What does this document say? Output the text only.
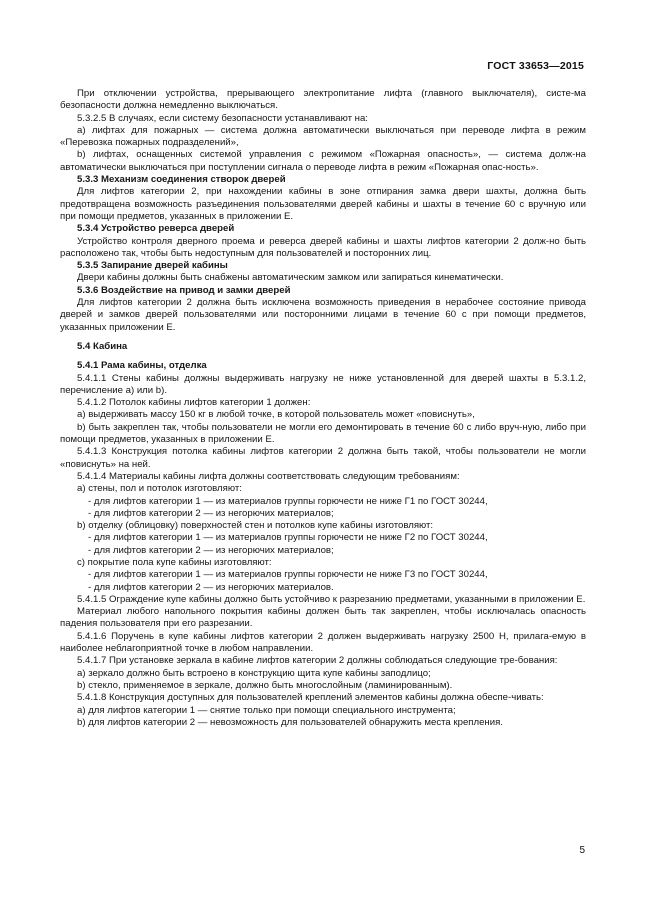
ГОСТ 33653—2015

При отключении устройства, прерывающего электропитание лифта (главного выключателя), систе-ма безопасности должна немедленно выключаться.

5.3.2.5 В случаях, если систему безопасности устанавливают на:

a) лифтах для пожарных — система должна автоматически выключаться при переводе лифта в режим «Перевозка пожарных подразделений»,

b) лифтах, оснащенных системой управления с режимом «Пожарная опасность», — система долж-на автоматически выключаться при поступлении сигнала о переводе лифта в режим «Пожарная опас-ность».

5.3.3 Механизм соединения створок дверей

Для лифтов категории 2, при нахождении кабины в зоне отпирания замка двери шахты, должна быть предотвращена возможность разъединения пользователями дверей кабины и шахты в течение 60 с вручную или при помощи предметов, указанных в приложении Е.

5.3.4 Устройство реверса дверей

Устройство контроля дверного проема и реверса дверей кабины и шахты лифтов категории 2 долж-но быть расположено так, чтобы быть недоступным для пользователей и посторонних лиц.

5.3.5 Запирание дверей кабины

Двери кабины должны быть снабжены автоматическим замком или запираться кинематически.

5.3.6 Воздействие на привод и замки дверей

Для лифтов категории 2 должна быть исключена возможность приведения в нерабочее состояние привода дверей и замков дверей пользователями или посторонними лицами в течение 60 с при помощи предметов, указанных приложении Е.

5.4 Кабина

5.4.1 Рама кабины, отделка

5.4.1.1 Стены кабины должны выдерживать нагрузку не ниже установленной для дверей шахты в 5.3.1.2, перечисление a) или b).

5.4.1.2 Потолок кабины лифтов категории 1 должен:

a) выдерживать массу 150 кг в любой точке, в которой пользователь может «повиснуть»,

b) быть закреплен так, чтобы пользователи не могли его демонтировать в течение 60 с либо вруч-ную, либо при помощи предметов, указанных в приложении Е.

5.4.1.3 Конструкция потолка кабины лифтов категории 2 должна быть такой, чтобы пользователи не могли «повиснуть» на ней.

5.4.1.4 Материалы кабины лифта должны соответствовать следующим требованиям:

a) стены, пол и потолок изготовляют:

- для лифтов категории 1 — из материалов группы горючести не ниже Г1 по ГОСТ 30244,

- для лифтов категории 2 — из негорючих материалов;

b) отделку (облицовку) поверхностей стен и потолков купе кабины изготовляют:

- для лифтов категории 1 — из материалов группы горючести не ниже Г2 по ГОСТ 30244,

- для лифтов категории 2 — из негорючих материалов;

c) покрытие пола купе кабины изготовляют:

- для лифтов категории 1 — из материалов группы горючести не ниже Г3 по ГОСТ 30244,

- для лифтов категории 2 — из негорючих материалов.

5.4.1.5 Ограждение купе кабины должно быть устойчиво к разрезанию предметами, указанными в приложении Е.

Материал любого напольного покрытия кабины должен быть так закреплен, чтобы исключалась опасность падения пользователя при его разрезании.

5.4.1.6 Поручень в купе кабины лифтов категории 2 должен выдерживать нагрузку 2500 Н, прилага-емую в наиболее неблагоприятной точке в любом направлении.

5.4.1.7 При установке зеркала в кабине лифтов категории 2 должны соблюдаться следующие тре-бования:

a) зеркало должно быть встроено в конструкцию щита купе кабины заподлицо;

b) стекло, применяемое в зеркале, должно быть многослойным (ламинированным).

5.4.1.8 Конструкция доступных для пользователей креплений элементов кабины должна обеспе-чивать:

a) для лифтов категории 1 — снятие только при помощи специального инструмента;

b) для лифтов категории 2 — невозможность для пользователей обнаружить места крепления.

5
